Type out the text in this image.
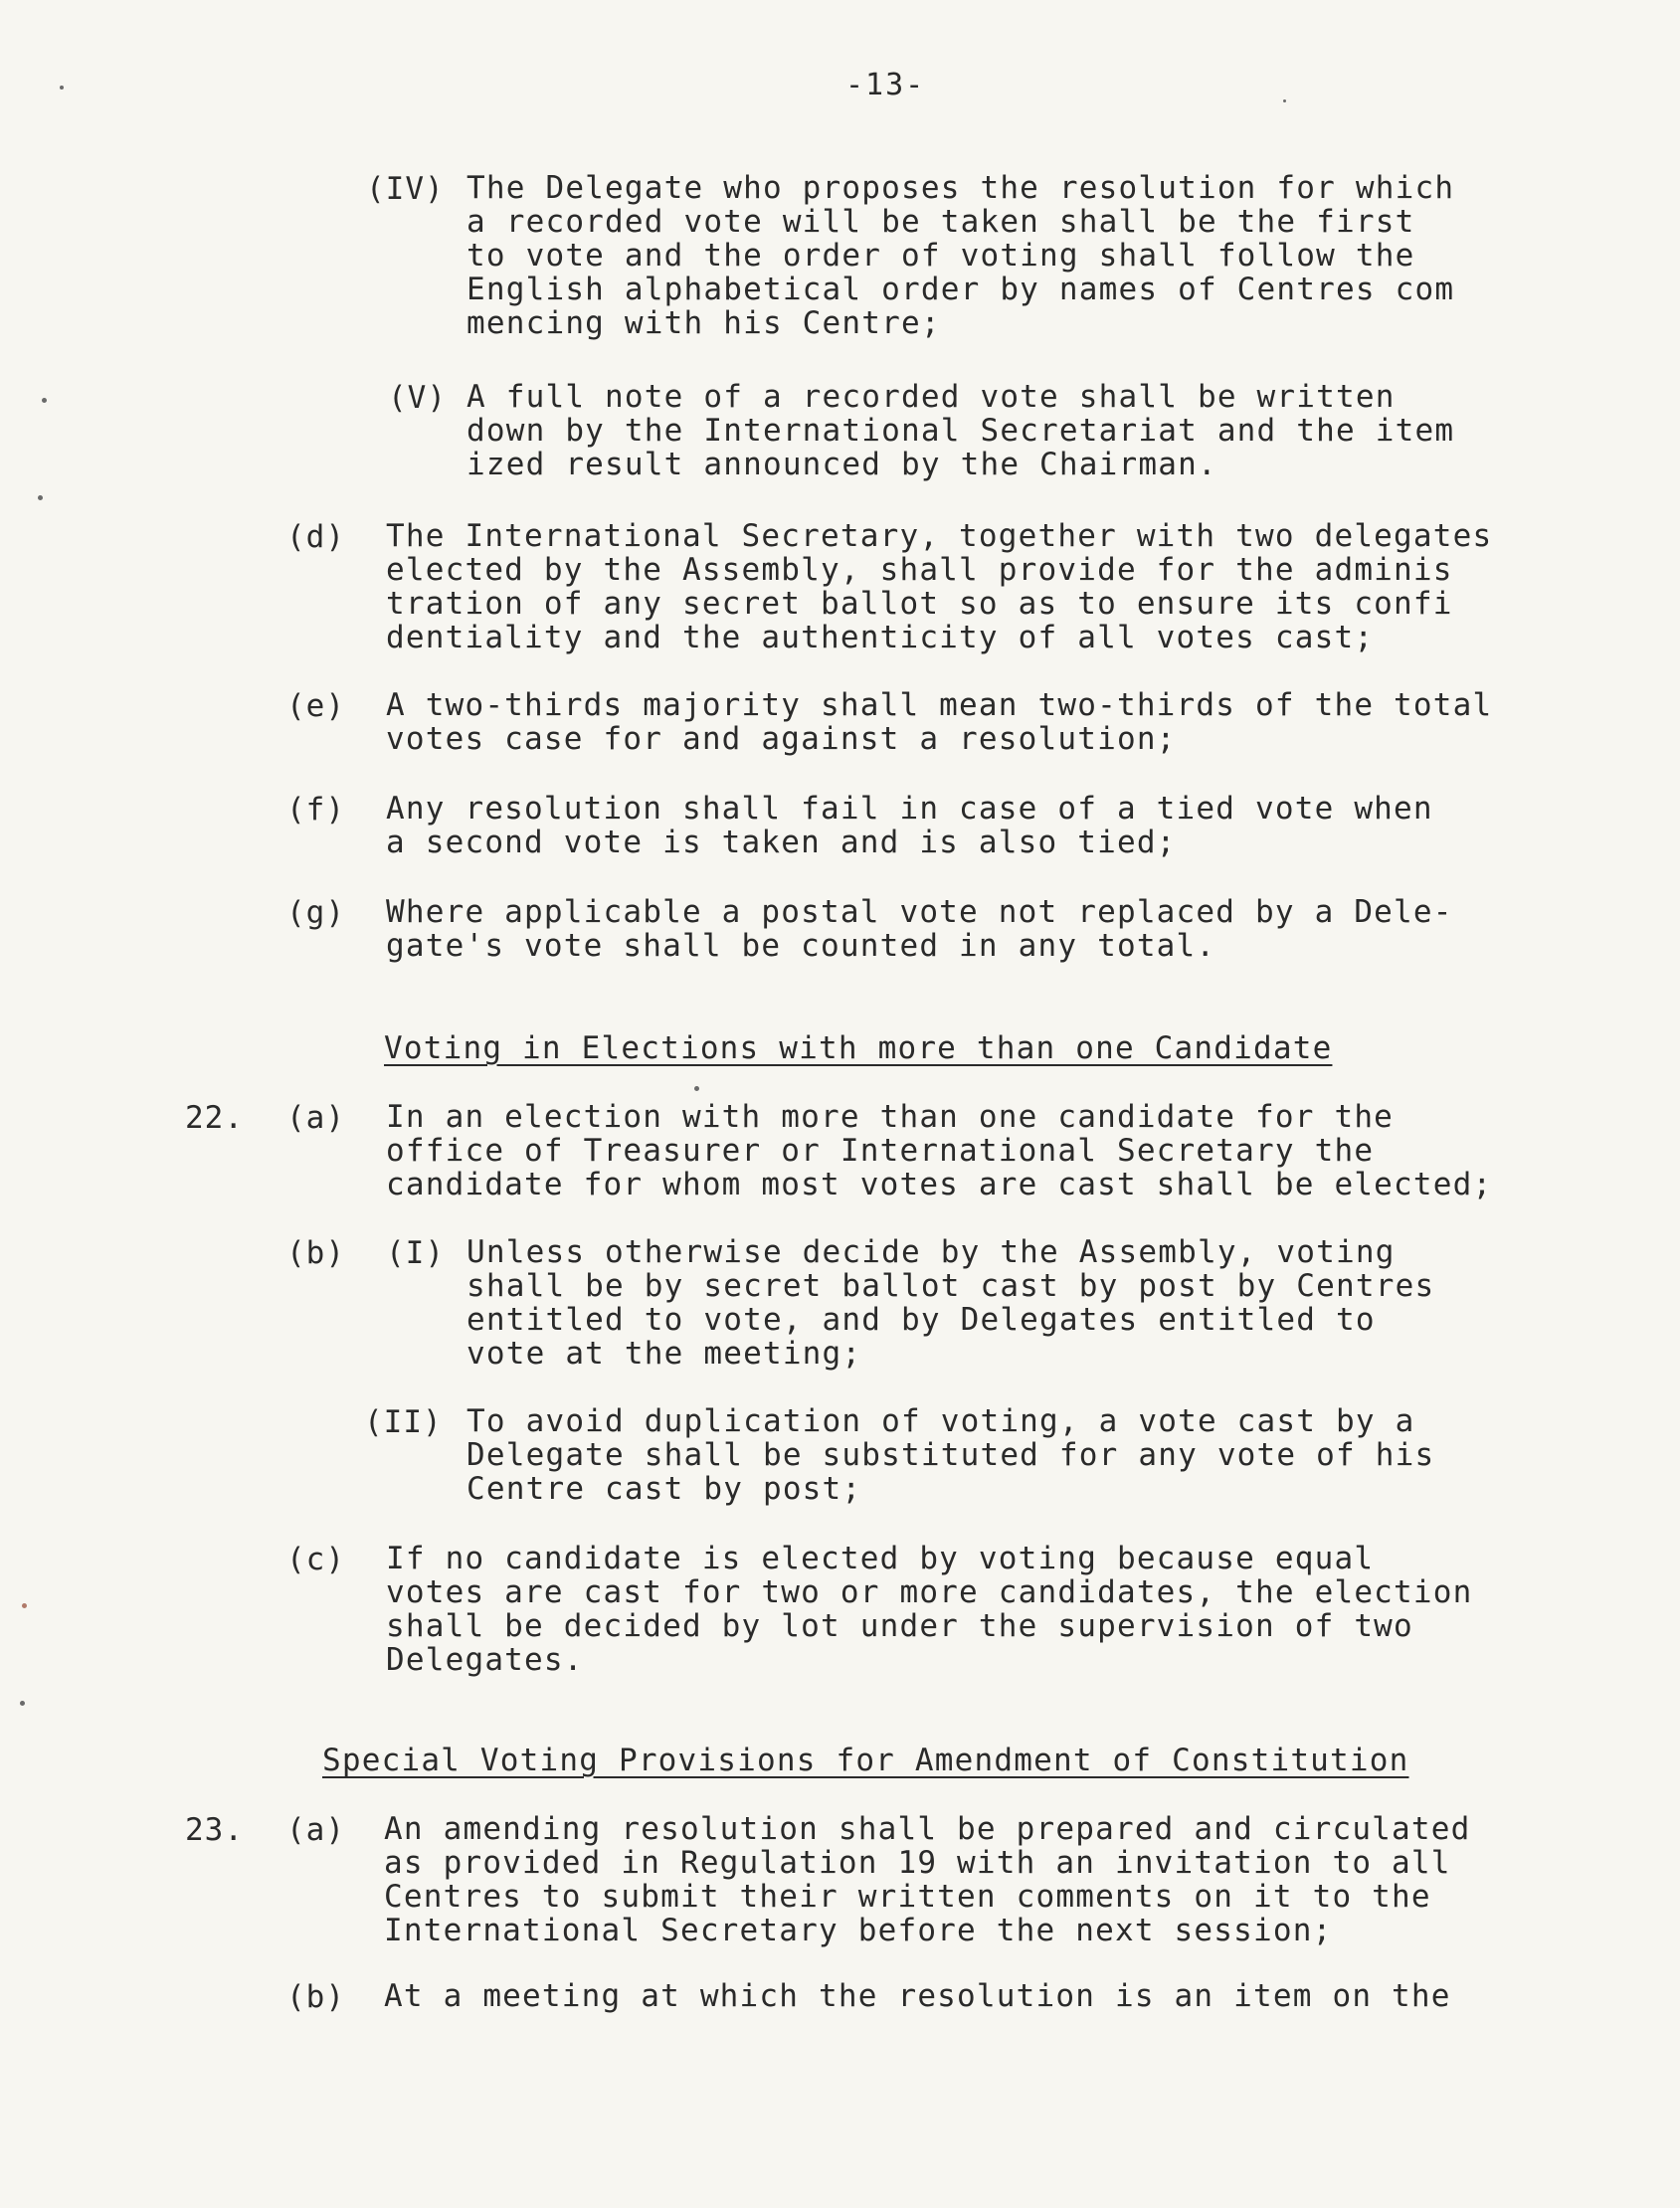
-13-
(IV) The Delegate who proposes the resolution for which
a recorded vote will be taken shall be the first
to vote and the order of voting shall follow the
English alphabetical order by names of Centres com
mencing with his Centre;
(V) A full note of a recorded vote shall be written
down by the International Secretariat and the item
ized result announced by the Chairman.
(d) The International Secretary, together with two delegates
elected by the Assembly, shall provide for the adminis
tration of any secret ballot so as to ensure its confi
dentiality and the authenticity of all votes cast;
(e) A two-thirds majority shall mean two-thirds of the total
votes case for and against a resolution;
(f) Any resolution shall fail in case of a tied vote when
a second vote is taken and is also tied;
(g) Where applicable a postal vote not replaced by a Dele-
gate's vote shall be counted in any total.
Voting in Elections with more than one Candidate
22. (a) In an election with more than one candidate for the
office of Treasurer or International Secretary the
candidate for whom most votes are cast shall be elected;
(b) (I) Unless otherwise decide by the Assembly, voting
shall be by secret ballot cast by post by Centres
entitled to vote, and by Delegates entitled to
vote at the meeting;
(II) To avoid duplication of voting, a vote cast by a
Delegate shall be substituted for any vote of his
Centre cast by post;
(c) If no candidate is elected by voting because equal
votes are cast for two or more candidates, the election
shall be decided by lot under the supervision of two
Delegates.
Special Voting Provisions for Amendment of Constitution
23. (a) An amending resolution shall be prepared and circulated
as provided in Regulation 19 with an invitation to all
Centres to submit their written comments on it to the
International Secretary before the next session;
(b) At a meeting at which the resolution is an item on the
